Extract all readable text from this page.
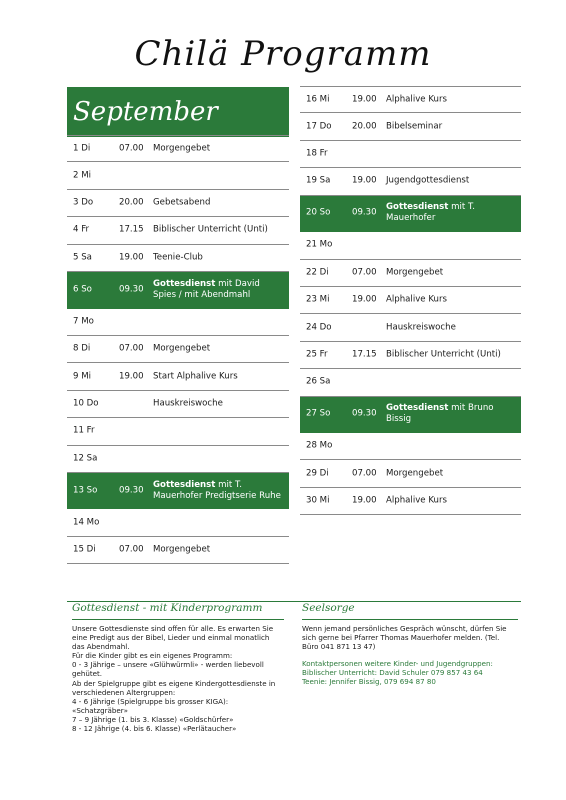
Chilä Programm
September
1 Di	07.00 Morgengebet
2 Mi
3 Do	20.00 Gebetsabend
4 Fr	17.15 Biblischer Unterricht (Unti)
5 Sa	19.00 Teenie-Club
6 So	09.30
Gottesdienst mit David Spies / mit Abendmahl
7 Mo
8 Di	07.00 Morgengebet
9 Mi	19.00 Start Alphalive Kurs
10 Do	Hauskreiswoche
11 Fr
12 Sa
13 So	09.30
Gottesdienst mit T. Mauerhofer Predigtserie Ruhe
14 Mo
15 Di	07.00 Morgengebet
16 Mi	19.00 Alphalive Kurs
17 Do 20.00 Bibelseminar
18 Fr
19 Sa	19.00 Jugendgottesdienst
20 So	09.30
Gottesdienst mit T. Mauerhofer
21 Mo
22 Di	07.00 Morgengebet
23 Mi	19.00 Alphalive Kurs
24 Do	Hauskreiswoche
25 Fr	17.15 Biblischer Unterricht (Unti)
26 Sa
27 So	09.30
Gottesdienst mit Bruno Bissig
28 Mo
29 Di	07.00 Morgengebet
30 Mi	19.00 Alphalive Kurs
Gottesdienst - mit Kinderprogramm

Unsere Gottesdienste sind offen für alle. Es erwarten Sie eine Predigt aus der Bibel, Lieder und einmal monatlich das Abendmahl.

Für die Kinder gibt es ein eigenes Programm:

0 - 3 Jährige – unsere «Glühwürmli» - werden liebevoll gehütet.

Ab der Spielgruppe gibt es eigene Kindergottesdienste in verschiedenen Altergruppen:

4 - 6 Jährige (Spielgruppe bis grosser KIGA): «Schatzgräber»

7 – 9 Jährige (1. bis 3. Klasse) «Goldschürfer»

8 - 12 Jährige (4. bis 6. Klasse) «Perlätaucher»

Seelsorge

Wenn jemand persönliches Gespräch wünscht, dürfen Sie sich gerne bei Pfarrer Thomas Mauerhofer melden. (Tel. Büro 041 871 13 47)

Kontaktpersonen weitere Kinder- und Jugendgruppen:

Biblischer Unterricht: David Schuler 079 857 43 64

Teenie: Jennifer Bissig, 079 694 87 80
